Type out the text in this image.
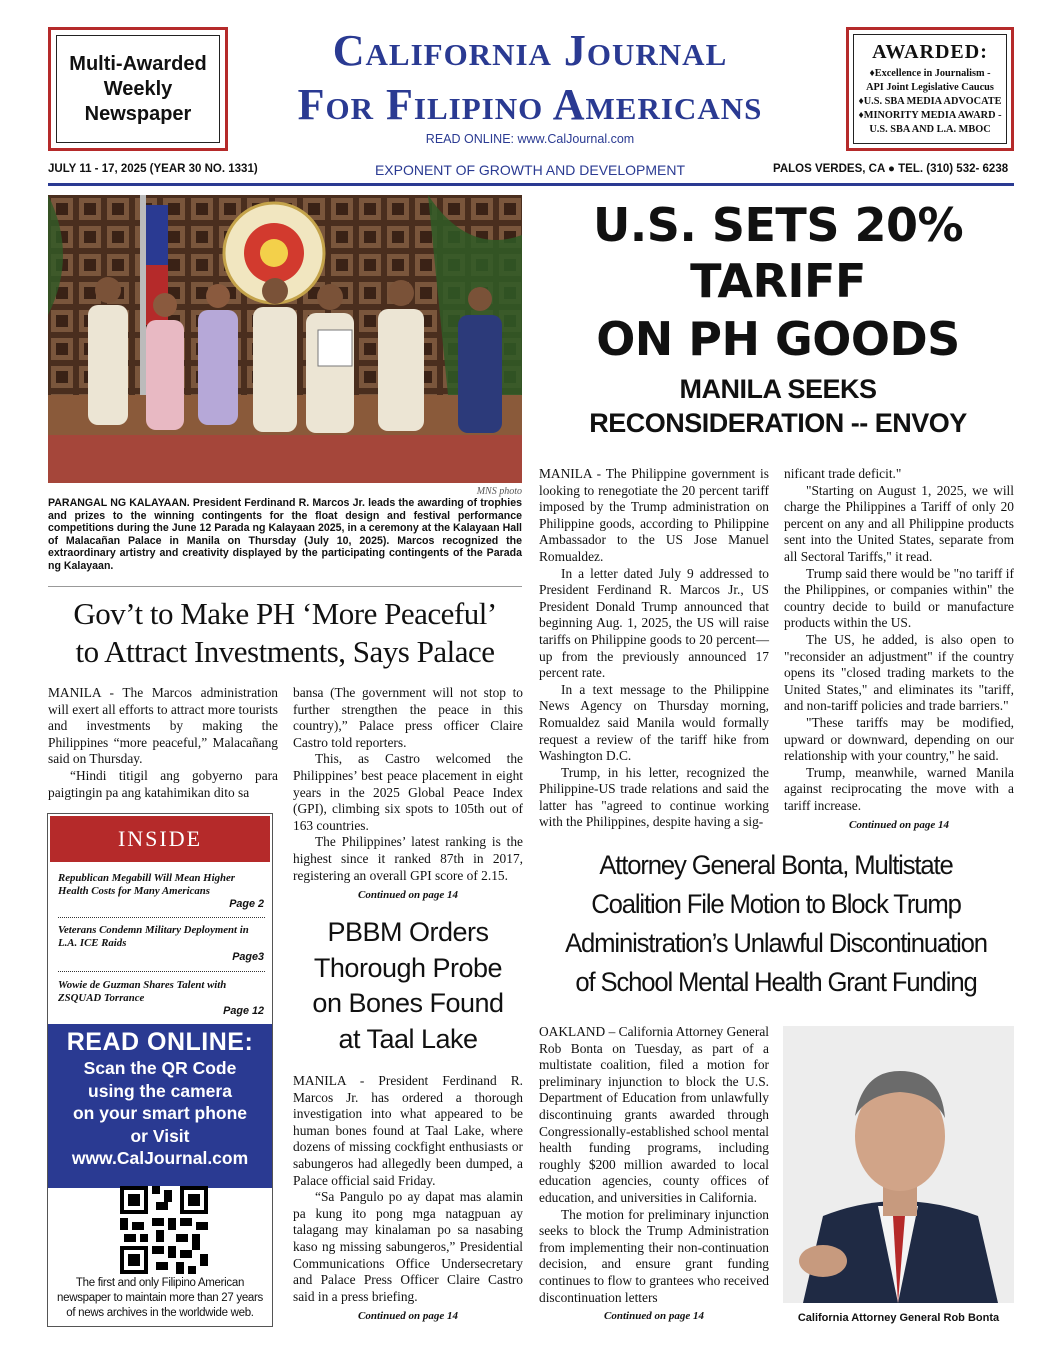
Multi-Awarded
Weekly
Newspaper
California Journal
For Filipino Americans
READ ONLINE: www.CalJournal.com
AWARDED:
♦Excellence in Journalism -
API Joint Legislative Caucus
♦U.S. SBA MEDIA ADVOCATE
♦MINORITY MEDIA AWARD -
U.S. SBA AND L.A. MBOC
JULY 11 - 17, 2025 (YEAR 30 NO. 1331)	EXPONENT OF GROWTH AND DEVELOPMENT	PALOS VERDES, CA ● TEL. (310) 532- 6238
MNS photo
PARANGAL NG KALAYAAN. President Ferdinand R. Marcos Jr. leads the awarding of trophies and prizes to the winning contingents for the float design and festival performance competitions during the June 12 Parada ng Kalayaan 2025, in a ceremony at the Kalayaan Hall of Malacañan Palace in Manila on Thursday (July 10, 2025). Marcos recognized the extraordinary artistry and creativity displayed by the participating contingents of the Parada ng Kalayaan.
U.S. SETS 20%
TARIFF
ON PH GOODS
MANILA SEEKS
RECONSIDERATION -- ENVOY

MANILA - The Philippine government is looking to renegotiate the 20 percent tariff imposed by the Trump administration on Philippine goods, according to Philippine Ambassador to the US Jose Manuel Romualdez.

In a letter dated July 9 addressed to President Ferdinand R. Marcos Jr., US President Donald Trump announced that beginning Aug. 1, 2025, the US will raise tariffs on Philippine goods to 20 percent—up from the previously announced 17 percent rate.

In a text message to the Philippine News Agency on Thursday morning, Romualdez said Manila would formally request a review of the tariff hike from Washington D.C.

Trump, in his letter, recognized the Philippine-US trade relations and said the latter has "agreed to continue working with the Philippines, despite having a sig-

nificant trade deficit."

"Starting on August 1, 2025, we will charge the Philippines a Tariff of only 20 percent on any and all Philippine products sent into the United States, separate from all Sectoral Tariffs," it read.

Trump said there would be "no tariff if the Philippines, or companies within" the country decide to build or manufacture products within the US.

The US, he added, is also open to "reconsider an adjustment" if the country opens its "closed trading markets to the United States," and eliminates its "tariff, and non-tariff policies and trade barriers."

"These tariffs may be modified, upward or downward, depending on our relationship with your country," he said.

Trump, meanwhile, warned Manila against reciprocating the move with a tariff increase.

Continued on page 14
Gov’t to Make PH ‘More Peaceful’
to Attract Investments, Says Palace

MANILA - The Marcos administration will exert all efforts to attract more tourists and investments by making the Philippines “more peaceful,” Malacañang said on Thursday.

“Hindi titigil ang gobyerno para paigtingin pa ang katahimikan dito sa

bansa (The government will not stop to further strengthen the peace in this country),” Palace press officer Claire Castro told reporters.

This, as Castro welcomed the Philippines’ best peace placement in eight years in the 2025 Global Peace Index (GPI), climbing six spots to 105th out of 163 countries.

The Philippines’ latest ranking is the highest since it ranked 87th in 2017, registering an overall GPI score of 2.15.

Continued on page 14
INSIDE
Republican Megabill Will Mean Higher Health Costs for Many Americans
Page 2
Veterans Condemn Military Deployment in L.A. ICE Raids
Page3
Wowie de Guzman Shares Talent with ZSQUAD Torrance
Page 12
READ ONLINE:
Scan the QR Code
using the camera
on your smart phone
or Visit
www.CalJournal.com
The first and only Filipino American newspaper to maintain more than 27 years of news archives in the worldwide web.
PBBM Orders
Thorough Probe
on Bones Found
at Taal Lake

MANILA - President Ferdinand R. Marcos Jr. has ordered a thorough investigation into what appeared to be human bones found at Taal Lake, where dozens of missing cockfight enthusiasts or sabungeros had allegedly been dumped, a Palace official said Friday.

“Sa Pangulo po ay dapat mas alamin pa kung ito pong mga natagpuan ay talagang may kinalaman po sa nasabing kaso ng missing sabungeros,” Presidential Communications Office Undersecretary and Palace Press Officer Claire Castro said in a press briefing.

Continued on page 14
Attorney General Bonta, Multistate
Coalition File Motion to Block Trump
Administration’s Unlawful Discontinuation
of School Mental Health Grant Funding

OAKLAND – California Attorney General Rob Bonta on Tuesday, as part of a multistate coalition, filed a motion for preliminary injunction to block the U.S. Department of Education from unlawfully discontinuing grants awarded through Congressionally-established school mental health funding programs, including roughly $200 million awarded to local education agencies, county offices of education, and universities in California.

The motion for preliminary injunction seeks to block the Trump Administration from implementing their non-continuation decision, and ensure grant funding continues to flow to grantees who received discontinuation letters

Continued on page 14	California Attorney General Rob Bonta
